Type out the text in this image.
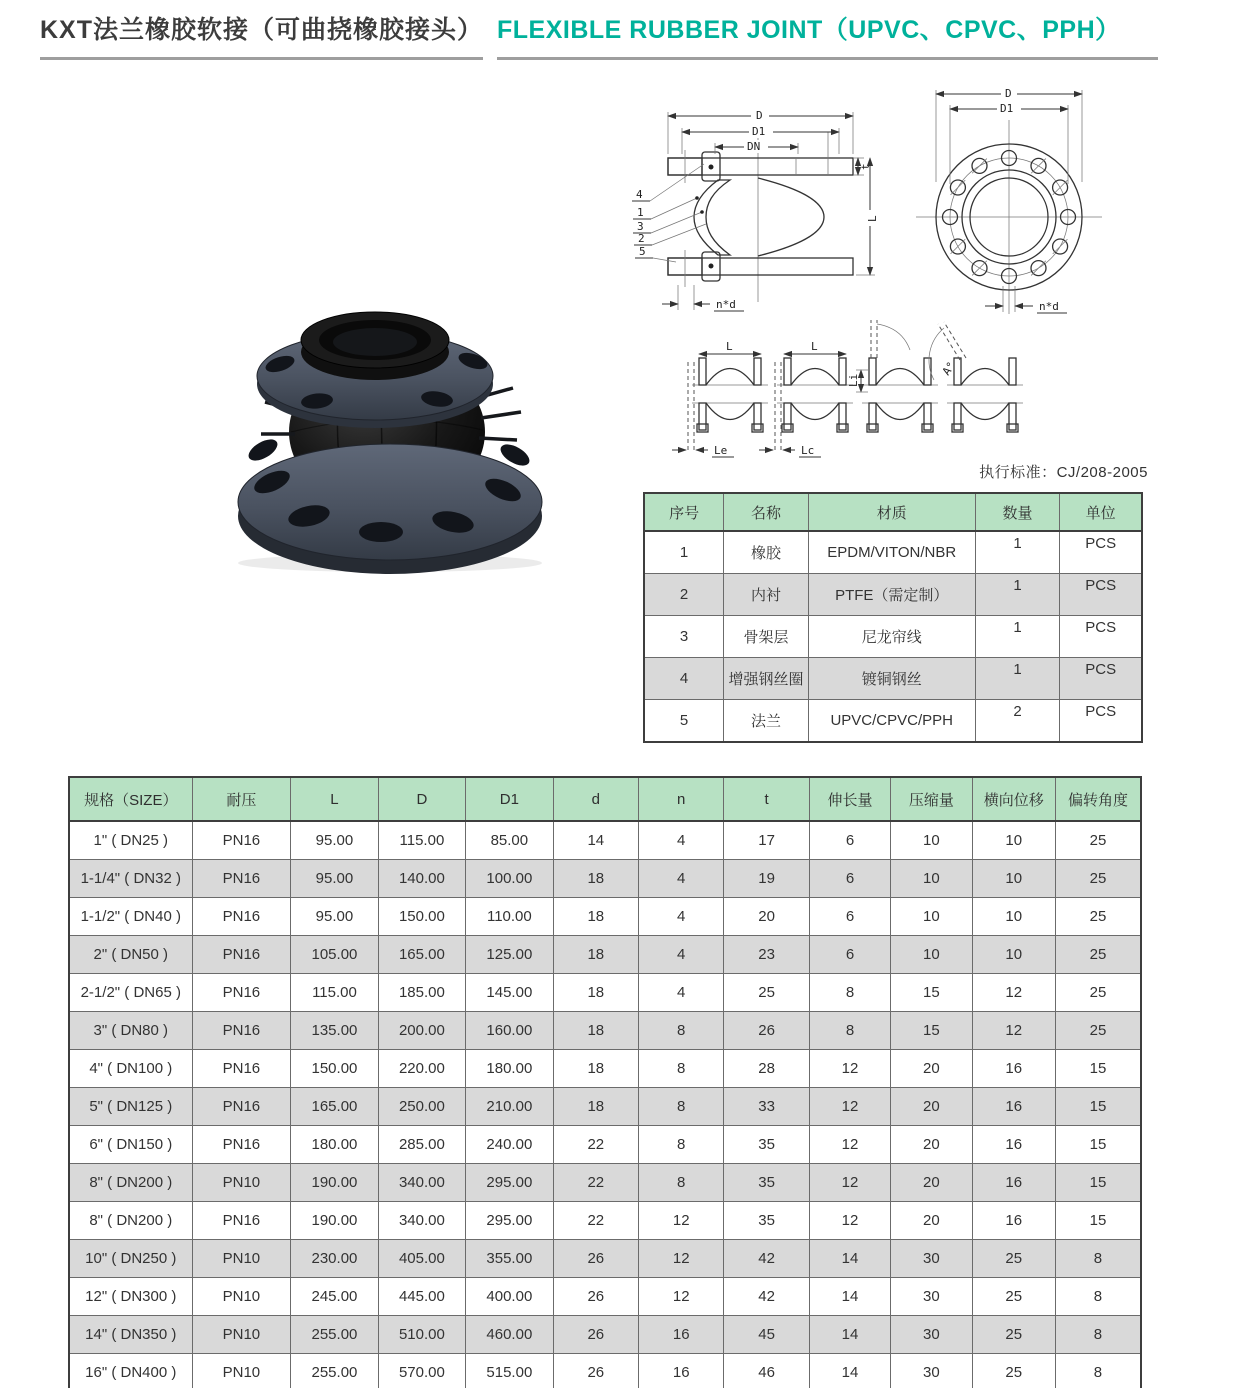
KXT法兰橡胶软接（可曲挠橡胶接头） FLEXIBLE RUBBER JOINT（UPVC、CPVC、PPH）
D
D1
DN
t
L
n*d
4
1
3
2
5
D
D1
n*d
L
Le
L
Lc
Li
A°
执行标准：CJ/208-2005
序号	名称	材质	数量	单位
1	橡胶	EPDM/VITON/NBR	1	PCS
2	内衬	PTFE（需定制）	1	PCS
3	骨架层	尼龙帘线	1	PCS
4	增强钢丝圈	镀铜钢丝	1	PCS
5	法兰	UPVC/CPVC/PPH	2	PCS
规格（SIZE）	耐压	L	D	D1	d	n	t	伸长量	压缩量	横向位移	偏转角度
1" ( DN25 )	PN16	95.00	115.00	85.00	14	4	17	6	10	10	25
1-1/4" ( DN32 )	PN16	95.00	140.00	100.00	18	4	19	6	10	10	25
1-1/2" ( DN40 )	PN16	95.00	150.00	110.00	18	4	20	6	10	10	25
2" ( DN50 )	PN16	105.00	165.00	125.00	18	4	23	6	10	10	25
2-1/2" ( DN65 )	PN16	115.00	185.00	145.00	18	4	25	8	15	12	25
3" ( DN80 )	PN16	135.00	200.00	160.00	18	8	26	8	15	12	25
4" ( DN100 )	PN16	150.00	220.00	180.00	18	8	28	12	20	16	15
5" ( DN125 )	PN16	165.00	250.00	210.00	18	8	33	12	20	16	15
6" ( DN150 )	PN16	180.00	285.00	240.00	22	8	35	12	20	16	15
8" ( DN200 )	PN10	190.00	340.00	295.00	22	8	35	12	20	16	15
8" ( DN200 )	PN16	190.00	340.00	295.00	22	12	35	12	20	16	15
10" ( DN250 )	PN10	230.00	405.00	355.00	26	12	42	14	30	25	8
12" ( DN300 )	PN10	245.00	445.00	400.00	26	12	42	14	30	25	8
14" ( DN350 )	PN10	255.00	510.00	460.00	26	16	45	14	30	25	8
16" ( DN400 )	PN10	255.00	570.00	515.00	26	16	46	14	30	25	8
